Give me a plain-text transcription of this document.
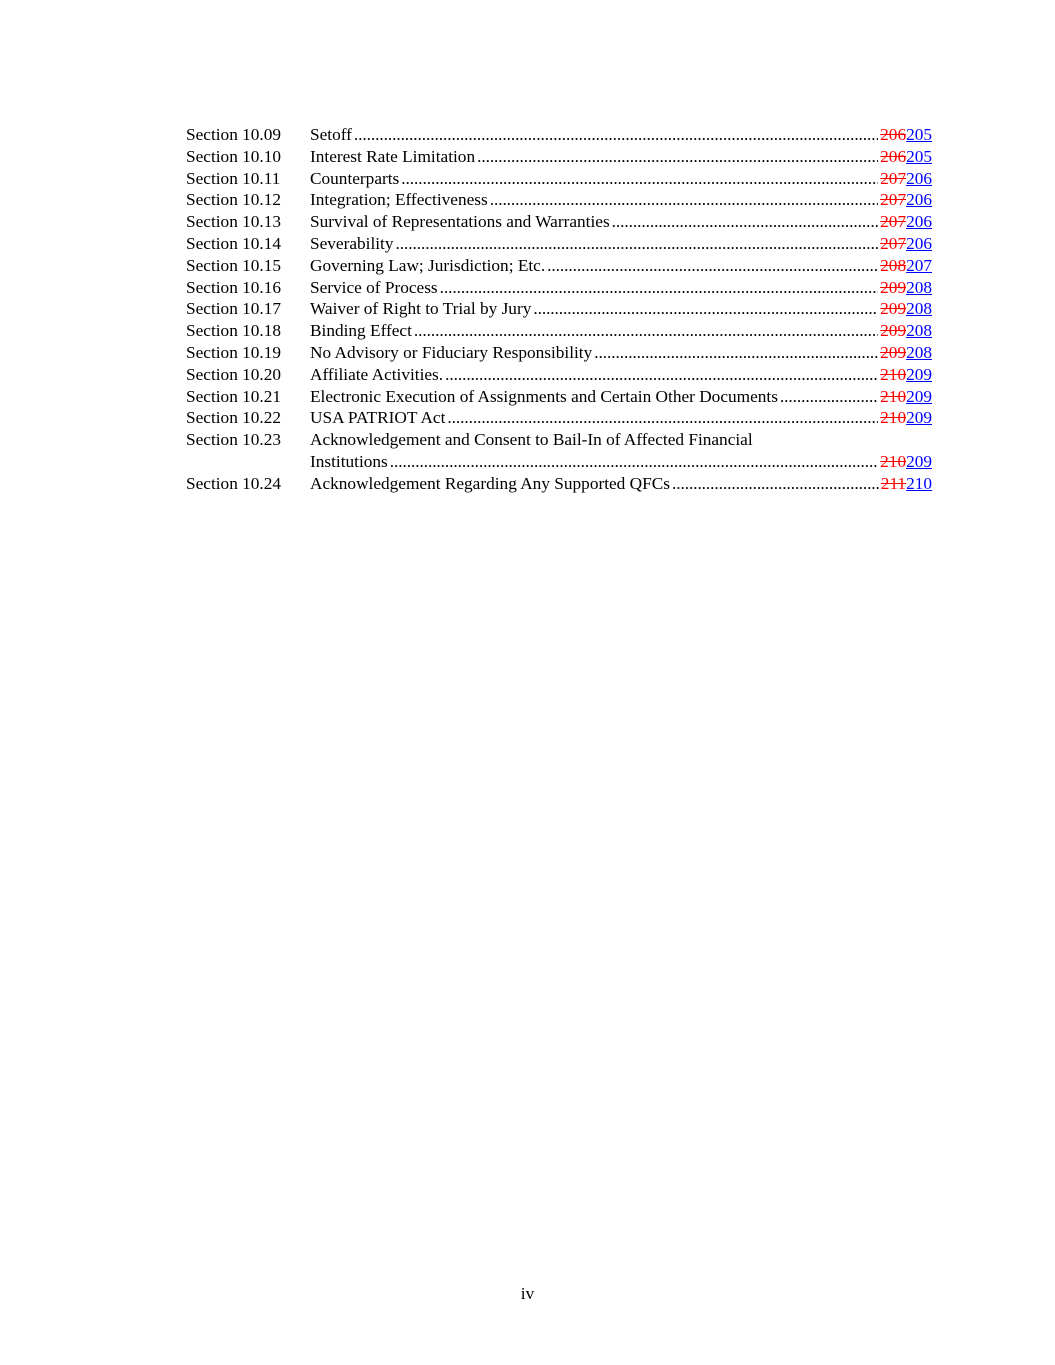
Section 10.09	Setoff . . .	206205
Section 10.10	Interest Rate Limitation . . .	206205
Section 10.11	Counterparts . . .	207206
Section 10.12	Integration; Effectiveness . . .	207206
Section 10.13	Survival of Representations and Warranties . . .	207206
Section 10.14	Severability . . .	207206
Section 10.15	Governing Law; Jurisdiction; Etc. . . .	208207
Section 10.16	Service of Process . . .	209208
Section 10.17	Waiver of Right to Trial by Jury . . .	209208
Section 10.18	Binding Effect . . .	209208
Section 10.19	No Advisory or Fiduciary Responsibility . . .	209208
Section 10.20	Affiliate Activities. . . .	210209
Section 10.21	Electronic Execution of Assignments and Certain Other Documents . . .	210209
Section 10.22	USA PATRIOT Act . . .	210209
Section 10.23	Acknowledgement and Consent to Bail-In of Affected Financial
Institutions . . .	210209
Section 10.24	Acknowledgement Regarding Any Supported QFCs . . .	211210
iv
